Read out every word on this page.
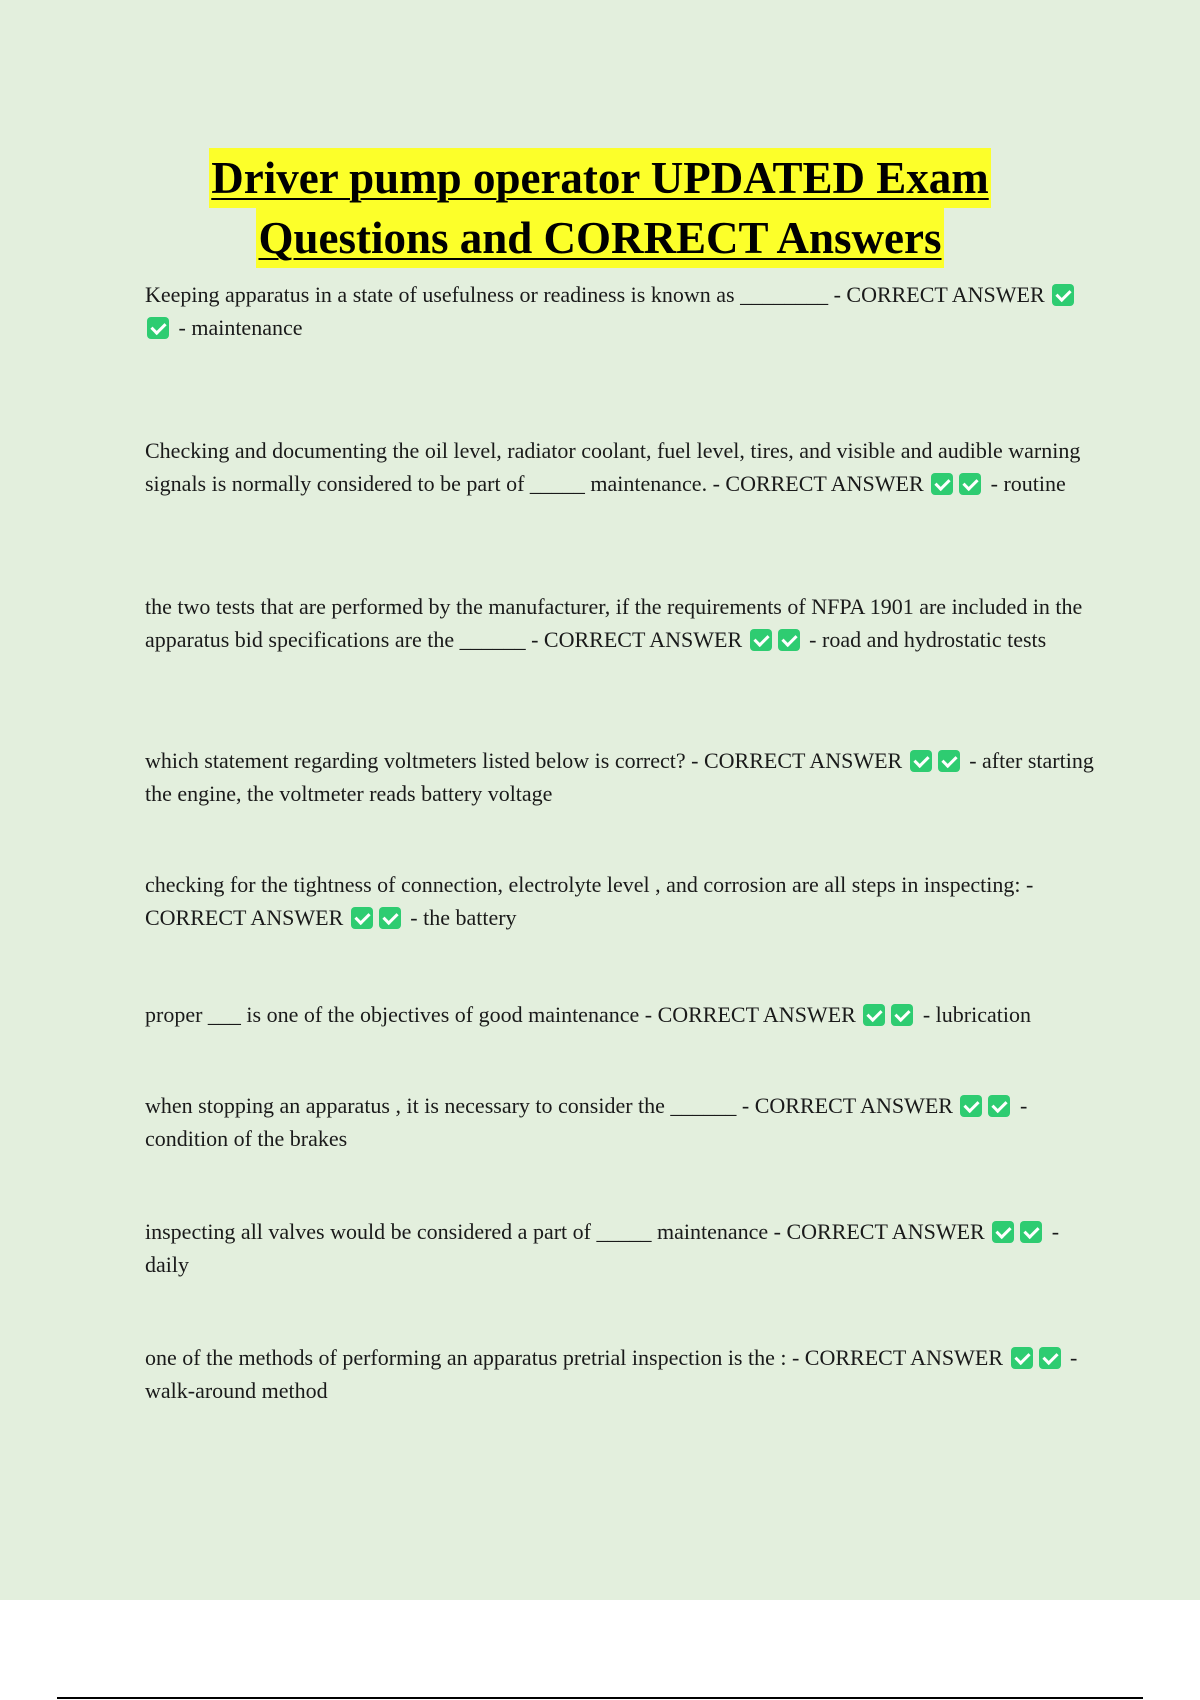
Driver pump operator UPDATED Exam
Questions and CORRECT Answers

Keeping apparatus in a state of usefulness or readiness is known as ________ - CORRECT ANSWER  - maintenance

Checking and documenting the oil level, radiator coolant, fuel level, tires, and visible and audible warning signals is normally considered to be part of _____ maintenance. - CORRECT ANSWER	- routine

the two tests that are performed by the manufacturer, if the requirements of NFPA 1901 are included in the apparatus bid specifications are the ______ - CORRECT ANSWER	- road and hydrostatic tests

which statement regarding voltmeters listed below is correct? - CORRECT ANSWER	- after starting the engine, the voltmeter reads battery voltage

checking for the tightness of connection, electrolyte level , and corrosion are all steps in inspecting: - CORRECT ANSWER	- the battery

proper ___ is one of the objectives of good maintenance - CORRECT ANSWER	- lubrication

when stopping an apparatus , it is necessary to consider the ______ - CORRECT ANSWER	- condition of the brakes

inspecting all valves would be considered a part of _____ maintenance - CORRECT ANSWER	- daily

one of the methods of performing an apparatus pretrial inspection is the : - CORRECT ANSWER	- walk-around method
